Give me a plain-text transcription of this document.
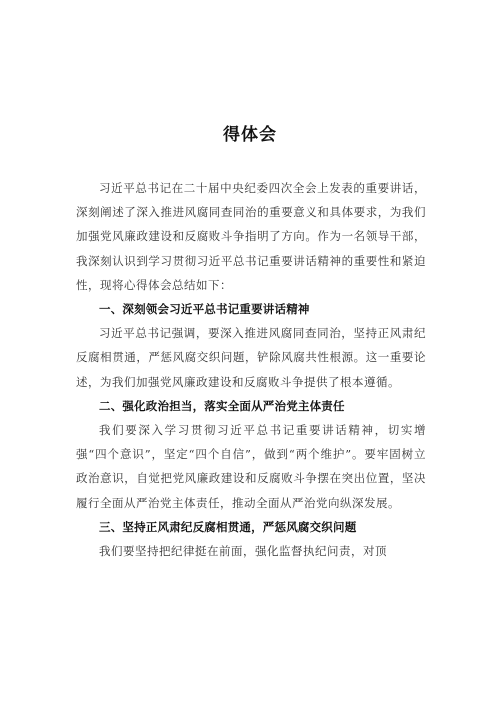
得体会

习近平总书记在二十届中央纪委四次全会上发表的重要讲话，深刻阐述了深入推进风腐同查同治的重要意义和具体要求，为我们加强党风廉政建设和反腐败斗争指明了方向。作为一名领导干部，我深刻认识到学习贯彻习近平总书记重要讲话精神的重要性和紧迫性，现将心得体会总结如下：

一、深刻领会习近平总书记重要讲话精神

习近平总书记强调，要深入推进风腐同查同治，坚持正风肃纪反腐相贯通，严惩风腐交织问题，铲除风腐共性根源。这一重要论述，为我们加强党风廉政建设和反腐败斗争提供了根本遵循。

二、强化政治担当，落实全面从严治党主体责任

我们要深入学习贯彻习近平总书记重要讲话精神，切实增强“四个意识”，坚定“四个自信”，做到“两个维护”。要牢固树立政治意识，自觉把党风廉政建设和反腐败斗争摆在突出位置，坚决履行全面从严治党主体责任，推动全面从严治党向纵深发展。

三、坚持正风肃纪反腐相贯通，严惩风腐交织问题

我们要坚持把纪律挺在前面，强化监督执纪问责，对顶
